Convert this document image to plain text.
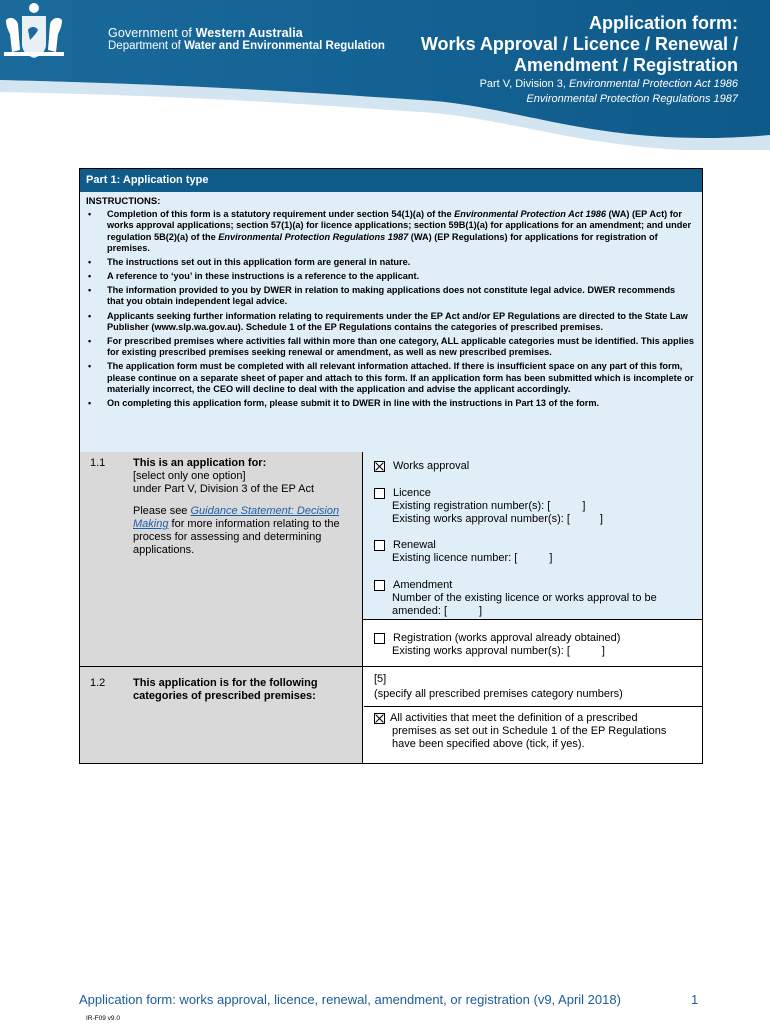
Government of Western Australia
Department of Water and Environmental Regulation
Application form:
Works Approval / Licence / Renewal /
Amendment / Registration
Part V, Division 3, Environmental Protection Act 1986
Environmental Protection Regulations 1987
Part 1: Application type
INSTRUCTIONS:
• Completion of this form is a statutory requirement under section 54(1)(a) of the Environmental Protection Act 1986 (WA) (EP Act) for works approval applications; section 57(1)(a) for licence applications; section 59B(1)(a) for applications for an amendment; and under regulation 5B(2)(a) of the Environmental Protection Regulations 1987 (WA) (EP Regulations) for applications for registration of premises.
• The instructions set out in this application form are general in nature.
• A reference to ‘you’ in these instructions is a reference to the applicant.
• The information provided to you by DWER in relation to making applications does not constitute legal advice. DWER recommends that you obtain independent legal advice.
• Applicants seeking further information relating to requirements under the EP Act and/or EP Regulations are directed to the State Law Publisher (www.slp.wa.gov.au). Schedule 1 of the EP Regulations contains the categories of prescribed premises.
• For prescribed premises where activities fall within more than one category, ALL applicable categories must be identified. This applies for existing prescribed premises seeking renewal or amendment, as well as new prescribed premises.
• The application form must be completed with all relevant information attached. If there is insufficient space on any part of this form, please continue on a separate sheet of paper and attach to this form. If an application form has been submitted which is incomplete or materially incorrect, the CEO will decline to deal with the application and advise the applicant accordingly.
• On completing this application form, please submit it to DWER in line with the instructions in Part 13 of the form.
1.1	This is an application for:
[select only one option]
under Part V, Division 3 of the EP Act
Please see Guidance Statement: Decision Making for more information relating to the process for assessing and determining applications.
Works approval
Licence
Existing registration number(s): [	]
Existing works approval number(s): [	]
Renewal
Existing licence number: [	]
Amendment
Number of the existing licence or works approval to be
amended: [	]
Registration (works approval already obtained)
Existing works approval number(s): [	]
1.2	This application is for the following
categories of prescribed premises:
[5]
(specify all prescribed premises category numbers)
All activities that meet the definition of a prescribed
premises as set out in Schedule 1 of the EP Regulations
have been specified above (tick, if yes).
Application form: works approval, licence, renewal, amendment, or registration (v9, April 2018)	1
IR-F09 v9.0
